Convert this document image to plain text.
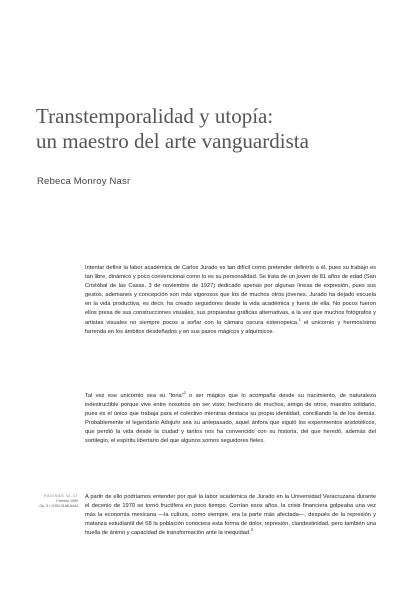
Transtemporalidad y utopía:
un maestro del arte vanguardista

Rebeca Monroy Nasr

Intentar definir la labor académica de Carlos Jurado es tan difícil como pretender definirlo a él, pues su trabajo es tan libre, dinámico y poco convencional como lo es su personalidad. Se trata de un joven de 81 años de edad (San Cristóbal de las Casas, 3 de noviembre de 1927) dedicado apenas por algunas líneas de expresión, pues sus gestos, ademanes y concepción son más vigorosos que los de muchos otros jóvenes. Jurado ha dejado escuela en la vida productiva, es decir, ha creado seguidores desde la vida académica y fuera de ella. No pocos fueron ellos presa de sus construcciones visuales, sus propuestas gráficas alternativas, a la vez que muchos fotógrafos y artistas visuales no siempre pocos a soñar con la cámara oscura estenopeica,$^1$ el unicornio y hermosísimo farrenda en los ámbitos desdeñados y en sus pasos mágicos y alquímicos.

Tal vez ese unicornio sea su “tona”$^2$ o ser mágico que lo acompaña desde su nacimiento, de naturaleza indestructible porque vive entre nosotros sin ser visto; hechicero de muchos, amigo de otros, maestro solidario, pues es el único que trabaja para el colectivo mientras destaca su propia identidad, conciliando la de los demás. Probablemente el legendario Adojuhr sea su antepasado, aquel ánfora que siguió los experimentos aristotélicos, que perdió la vida desde la ciudad y tantos nos ha convencido con su historia, del que heredó, además del sortilegio, el espíritu libertario del que algunos somos seguidores fieles.

PÁGINAS 42-47
Febrero 1999
Op. 3 • ISSN 0188-6444

A partir de ello podríamos entender por qué la labor académica de Jurado en la Universidad Veracruzana durante el decenio de 1970 se tornó fructífera en poco tiempo. Corrían esos años, la crisis financiera golpeaba una vez más la economía mexicana —la cultura, como siempre, era la parte más afectada—, después de la represión y matanza estudiantil del 68 la población conociera esta forma de dolor, represión, clandestinidad, pero también una huella de ánimo y capacidad de transformación ante la inequidad.$^3$
